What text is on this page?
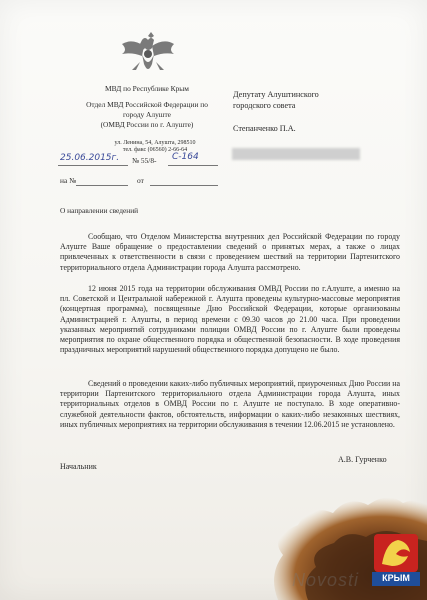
МВД по Республике Крым
Отдел МВД Российской Федерации по
городу Алуште
(ОМВД России по г. Алуште)
ул. Ленина, 54, Алушта, 298510
тел. факс (06560) 2-66-64
25.06.2015г. № 55/8- С-164
на №	от
Депутату Алуштинского
городского совета
Степанченко П.А.
О направлении сведений
Сообщаю, что Отделом Министерства внутренних дел Российской Федерации по городу Алуште Ваше обращение о предоставлении сведений о принятых мерах, а также о лицах привлеченных к ответственности в связи с проведением шествий на территории Партенитского территориального отдела Администрации города Алушта рассмотрено.
12 июня 2015 года на территории обслуживания ОМВД России по г.Алуште, а именно на пл. Советской и Центральной набережной г. Алушта проведены культурно-массовые мероприятия (концертная программа), посвященные Дню Российской Федерации, которые организованы Администрацией г. Алушты, в период времени с 09.30 часов до 21.00 часа. При проведении указанных мероприятий сотрудниками полиции ОМВД России по г. Алуште были проведены мероприятия по охране общественного порядка и общественной безопасности. В ходе проведения праздничных мероприятий нарушений общественного порядка допущено не было.
Сведений о проведении каких-либо публичных мероприятий, приуроченных Дню России на территории Партенитского территориального отдела Администрации города Алушта, иных территориальных отделов в ОМВД России по г. Алуште не поступало. В ходе оперативно-служебной деятельности фактов, обстоятельств, информации о каких-либо незаконных шествиях, иных публичных мероприятиях на территории обслуживания в течении 12.06.2015 не установлено.
Начальник
А.В. Гурченко
Novosti	КРЫМ
